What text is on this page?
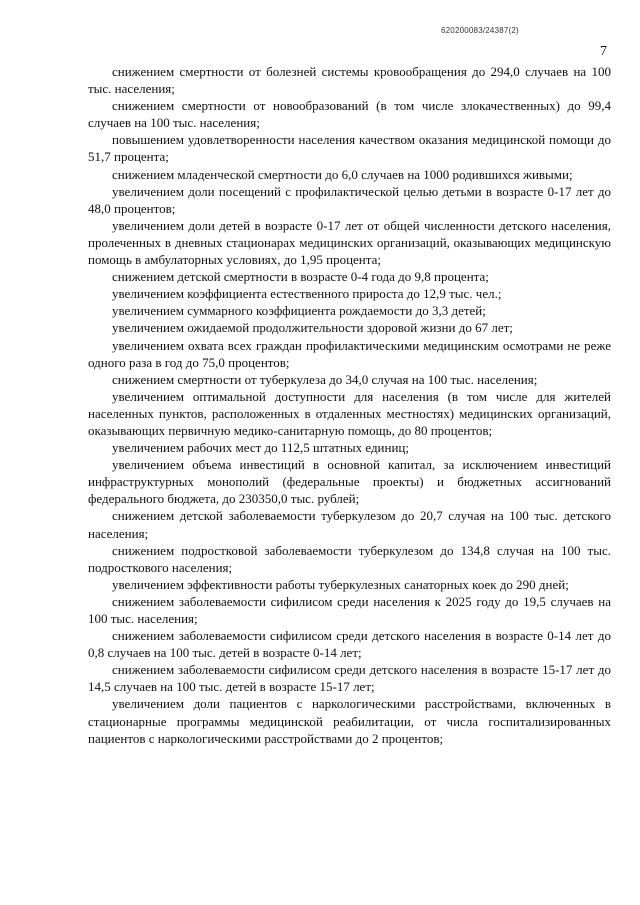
620200083/24387(2)
7

снижением смертности от болезней системы кровообращения до 294,0 случаев на 100 тыс. населения;

снижением смертности от новообразований (в том числе злокачественных) до 99,4 случаев на 100 тыс. населения;

повышением удовлетворенности населения качеством оказания медицинской помощи до 51,7 процента;

снижением младенческой смертности до 6,0 случаев на 1000 родившихся живыми;

увеличением доли посещений с профилактической целью детьми в возрасте 0-17 лет до 48,0 процентов;

увеличением доли детей в возрасте 0-17 лет от общей численности детского населения, пролеченных в дневных стационарах медицинских организаций, оказывающих медицинскую помощь в амбулаторных условиях, до 1,95 процента;

снижением детской смертности в возрасте 0-4 года до 9,8 процента;

увеличением коэффициента естественного прироста до 12,9 тыс. чел.;

увеличением суммарного коэффициента рождаемости до 3,3 детей;

увеличением ожидаемой продолжительности здоровой жизни до 67 лет;

увеличением охвата всех граждан профилактическими медицинским осмотрами не реже одного раза в год до 75,0 процентов;

снижением смертности от туберкулеза до 34,0 случая на 100 тыс. населения;

увеличением оптимальной доступности для населения (в том числе для жителей населенных пунктов, расположенных в отдаленных местностях) медицинских организаций, оказывающих первичную медико-санитарную помощь, до 80 процентов;

увеличением рабочих мест до 112,5 штатных единиц;

увеличением объема инвестиций в основной капитал, за исключением инвестиций инфраструктурных монополий (федеральные проекты) и бюджетных ассигнований федерального бюджета, до 230350,0 тыс. рублей;

снижением детской заболеваемости туберкулезом до 20,7 случая на 100 тыс. детского населения;

снижением подростковой заболеваемости туберкулезом до 134,8 случая на 100 тыс. подросткового населения;

увеличением эффективности работы туберкулезных санаторных коек до 290 дней;

снижением заболеваемости сифилисом среди населения к 2025 году до 19,5 случаев на 100 тыс. населения;

снижением заболеваемости сифилисом среди детского населения в возрасте 0-14 лет до 0,8 случаев на 100 тыс. детей в возрасте 0-14 лет;

снижением заболеваемости сифилисом среди детского населения в возрасте 15-17 лет до 14,5 случаев на 100 тыс. детей в возрасте 15-17 лет;

увеличением доли пациентов с наркологическими расстройствами, включенных в стационарные программы медицинской реабилитации, от числа госпитализированных пациентов с наркологическими расстройствами до 2 процентов;
